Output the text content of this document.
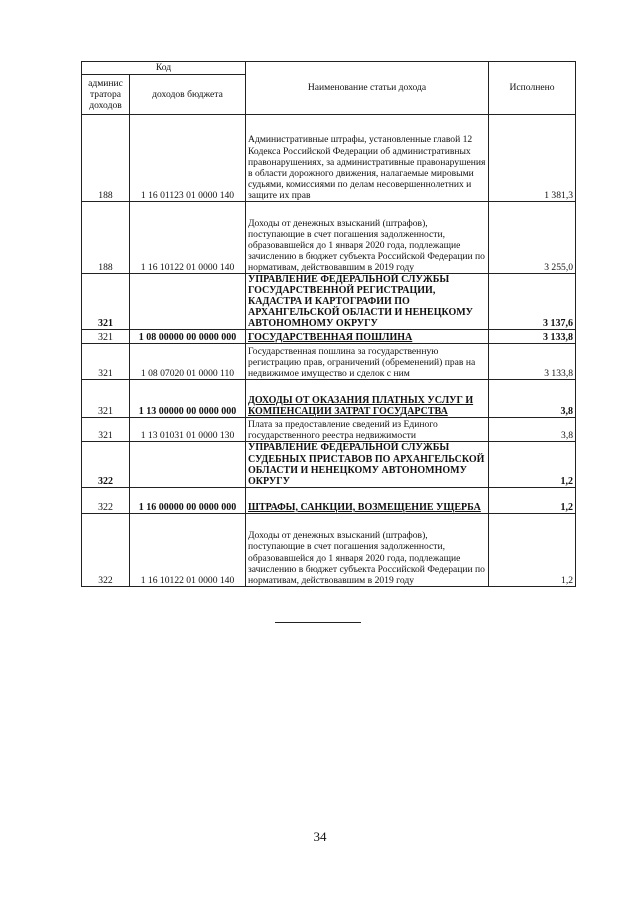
Код		Наименование статьи дохода	Исполнено
админис
тратора
доходов	доходов бюджета		
188	1 16 01123 01 0000 140	Административные штрафы, установленные главой 12 Кодекса Российской Федерации об административных правонарушениях, за административные правонарушения в области дорожного движения, налагаемые мировыми судьями, комиссиями по делам несовершеннолетних и защите их прав	1 381,3
188	1 16 10122 01 0000 140	Доходы от денежных взысканий (штрафов), поступающие в счет погашения задолженности, образовавшейся до 1 января 2020 года, подлежащие зачислению в бюджет субъекта Российской Федерации по нормативам, действовавшим в 2019 году	3 255,0
321		УПРАВЛЕНИЕ ФЕДЕРАЛЬНОЙ СЛУЖБЫ ГОСУДАРСТВЕННОЙ РЕГИСТРАЦИИ, КАДАСТРА И КАРТОГРАФИИ ПО АРХАНГЕЛЬСКОЙ ОБЛАСТИ И НЕНЕЦКОМУ АВТОНОМНОМУ ОКРУГУ	3 137,6
321	1 08 00000 00 0000 000	ГОСУДАРСТВЕННАЯ ПОШЛИНА	3 133,8
321	1 08 07020 01 0000 110	Государственная пошлина за государственную регистрацию прав, ограничений (обременений) прав на недвижимое имущество и сделок с ним	3 133,8
321	1 13 00000 00 0000 000	ДОХОДЫ ОТ ОКАЗАНИЯ ПЛАТНЫХ УСЛУГ И КОМПЕНСАЦИИ ЗАТРАТ ГОСУДАРСТВА	3,8
321	1 13 01031 01 0000 130	Плата за предоставление сведений из Единого государственного реестра недвижимости	3,8
322		УПРАВЛЕНИЕ ФЕДЕРАЛЬНОЙ СЛУЖБЫ СУДЕБНЫХ ПРИСТАВОВ ПО АРХАНГЕЛЬСКОЙ ОБЛАСТИ И НЕНЕЦКОМУ АВТОНОМНОМУ ОКРУГУ	1,2
322	1 16 00000 00 0000 000	ШТРАФЫ, САНКЦИИ, ВОЗМЕЩЕНИЕ УЩЕРБА	1,2
322	1 16 10122 01 0000 140	Доходы от денежных взысканий (штрафов), поступающие в счет погашения задолженности, образовавшейся до 1 января 2020 года, подлежащие зачислению в бюджет субъекта Российской Федерации по нормативам, действовавшим в 2019 году	1,2
34
